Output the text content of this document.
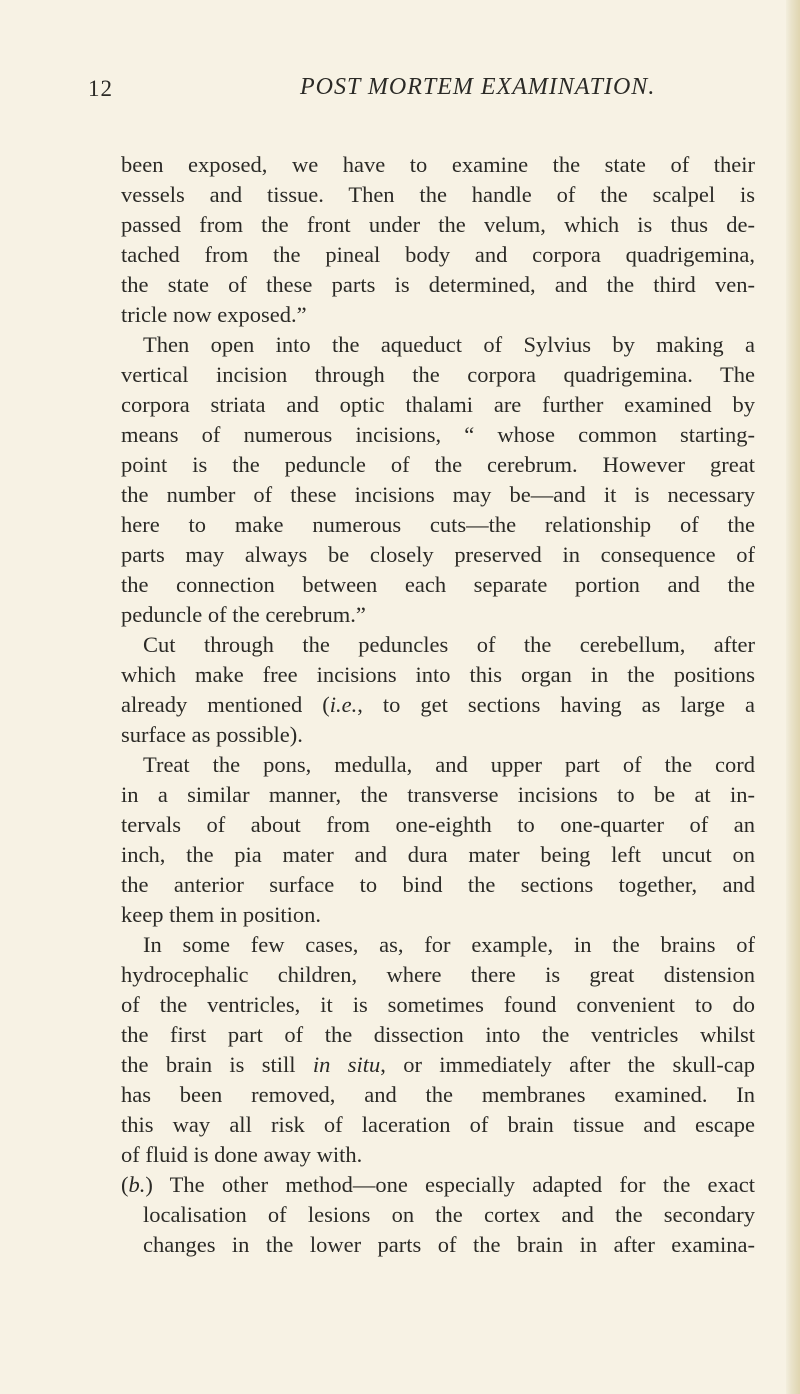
12	POST MORTEM EXAMINATION.
been exposed, we have to examine the state of their
vessels and tissue. Then the handle of the scalpel is
passed from the front under the velum, which is thus de-
tached from the pineal body and corpora quadrigemina,
the state of these parts is determined, and the third ven-
tricle now exposed.”
Then open into the aqueduct of Sylvius by making a
vertical incision through the corpora quadrigemina. The
corpora striata and optic thalami are further examined by
means of numerous incisions, “ whose common starting-
point is the peduncle of the cerebrum. However great
the number of these incisions may be—and it is necessary
here to make numerous cuts—the relationship of the
parts may always be closely preserved in consequence of
the connection between each separate portion and the
peduncle of the cerebrum.”
Cut through the peduncles of the cerebellum, after
which make free incisions into this organ in the positions
already mentioned (i.e., to get sections having as large a
surface as possible).
Treat the pons, medulla, and upper part of the cord
in a similar manner, the transverse incisions to be at in-
tervals of about from one-eighth to one-quarter of an
inch, the pia mater and dura mater being left uncut on
the anterior surface to bind the sections together, and
keep them in position.
In some few cases, as, for example, in the brains of
hydrocephalic children, where there is great distension
of the ventricles, it is sometimes found convenient to do
the first part of the dissection into the ventricles whilst
the brain is still in situ, or immediately after the skull-cap
has been removed, and the membranes examined. In
this way all risk of laceration of brain tissue and escape
of fluid is done away with.
(b.) The other method—one especially adapted for the exact
localisation of lesions on the cortex and the secondary
changes in the lower parts of the brain in after examina-
